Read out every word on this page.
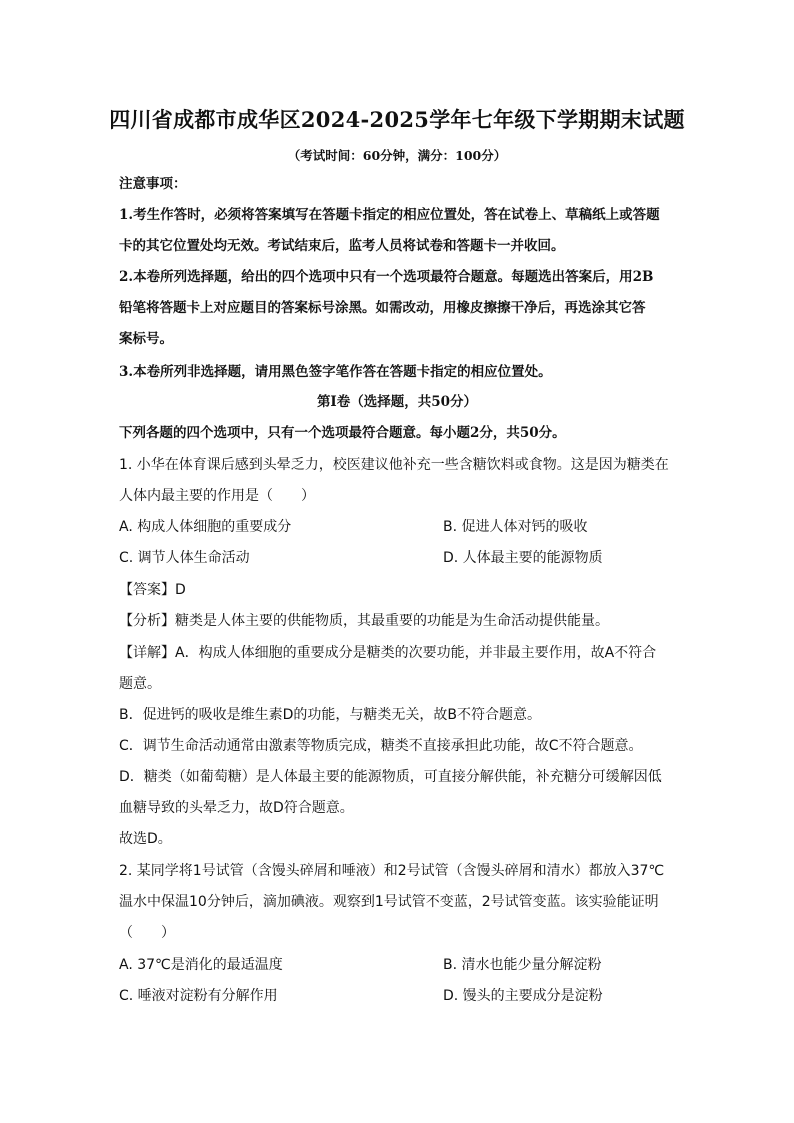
四川省成都市成华区2024-2025学年七年级下学期期末试题
（考试时间：60分钟，满分：100分）
注意事项：
1.考生作答时，必须将答案填写在答题卡指定的相应位置处，答在试卷上、草稿纸上或答题
卡的其它位置处均无效。考试结束后，监考人员将试卷和答题卡一并收回。
2.本卷所列选择题，给出的四个选项中只有一个选项最符合题意。每题选出答案后，用2B
铅笔将答题卡上对应题目的答案标号涂黑。如需改动，用橡皮擦擦干净后，再选涂其它答
案标号。
3.本卷所列非选择题，请用黑色签字笔作答在答题卡指定的相应位置处。
第I卷（选择题，共50分）
下列各题的四个选项中，只有一个选项最符合题意。每小题2分，共50分。
1. 小华在体育课后感到头晕乏力，校医建议他补充一些含糖饮料或食物。这是因为糖类在
人体内最主要的作用是（　　）
A. 构成人体细胞的重要成分	B. 促进人体对钙的吸收
C. 调节人体生命活动	D. 人体最主要的能源物质
【答案】D
【分析】糖类是人体主要的供能物质，其最重要的功能是为生命活动提供能量。
【详解】A．构成人体细胞的重要成分是糖类的次要功能，并非最主要作用，故A不符合
题意。
B．促进钙的吸收是维生素D的功能，与糖类无关，故B不符合题意。
C．调节生命活动通常由激素等物质完成，糖类不直接承担此功能，故C不符合题意。
D．糖类（如葡萄糖）是人体最主要的能源物质，可直接分解供能，补充糖分可缓解因低
血糖导致的头晕乏力，故D符合题意。
故选D。
2. 某同学将1号试管（含馒头碎屑和唾液）和2号试管（含馒头碎屑和清水）都放入37℃
温水中保温10分钟后，滴加碘液。观察到1号试管不变蓝，2号试管变蓝。该实验能证明
（　　）
A. 37℃是消化的最适温度	B. 清水也能少量分解淀粉
C. 唾液对淀粉有分解作用	D. 馒头的主要成分是淀粉
